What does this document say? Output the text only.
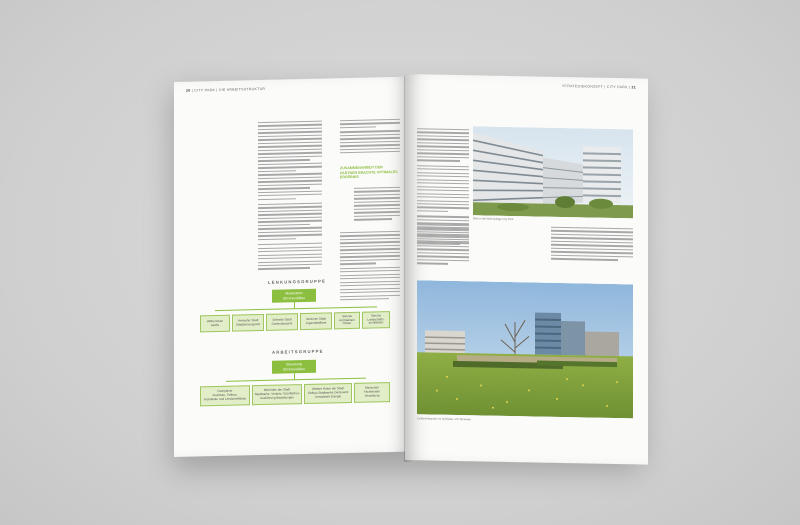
20 | CITY PARK | DIE ARBEITSSTRUKTUR
ZUSAMMENARBEIT DER PARTNER BRACHTE OPTIMALES ERGEBNIS
LENKUNGSGRUPPE
Moderation
EB Immobilien
Willkommen
webfix
Verkaufer Stadt
Stadtplanungsamt
Sekretär Stadt
Gartenhausamt
Senioren Stadt
Jugendstaffamt
Sanzas
Architekten/
Planer
Sanzas
Landschafts-
architekten
ARBEITSGRUPPE
Steuerung
EB Immobilien
Fachplaner
Flachbau, Tiefbau,
Architektur und Landschaftsbau
Behörden der Stadt
Stadtwerke, Verkehr, Grünflächen
Ausführung Bauleitungen
Weitere Ämter der Stadt
Tiefbau Stadtwerke Gartenamt
Umweltamt Energie
Menschen
Fachberater
Verwaltung
STRATEGIEKONZEPT | CITY PARK | 21
Blick in die Wohnanlage City Park
Landschaftspark mit Spielplatz und Terrassen
